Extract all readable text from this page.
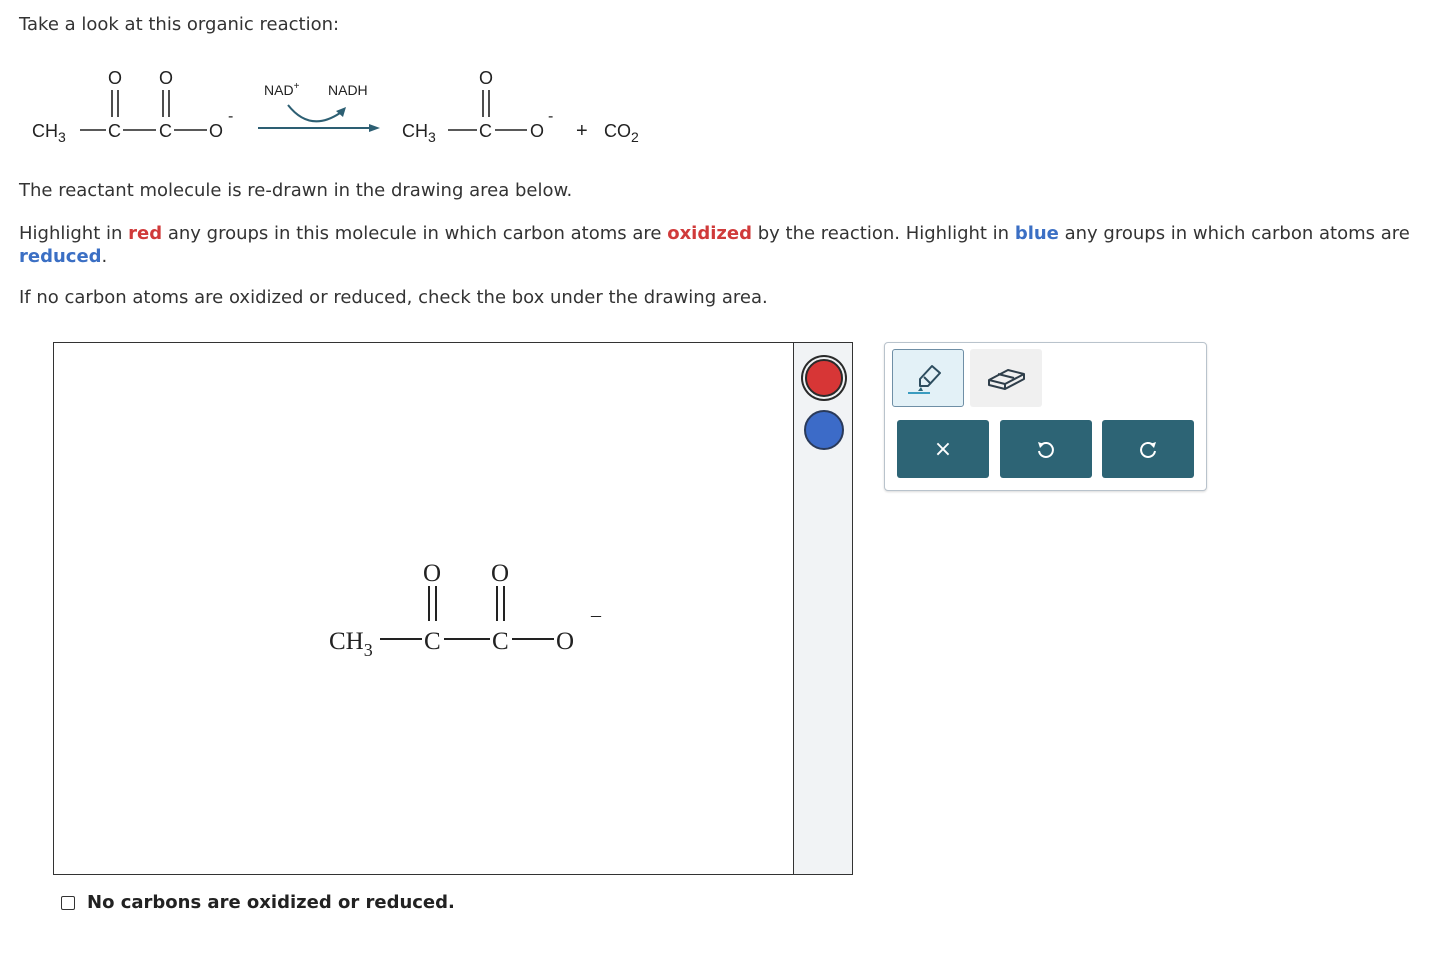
Take a look at this organic reaction:
$CH_3$ C C
O O
O
-
NAD+ NADH
$CH_3$ C
O
O
-
+ $CO_2$
The reactant molecule is re-drawn in the drawing area below.
Highlight in red any groups in this molecule in which carbon atoms are oxidized by the reaction. Highlight in blue any groups in which carbon atoms are reduced.
If no carbon atoms are oxidized or reduced, check the box under the drawing area.
$CH_3$ C C
O O
O
–
×
No carbons are oxidized or reduced.
